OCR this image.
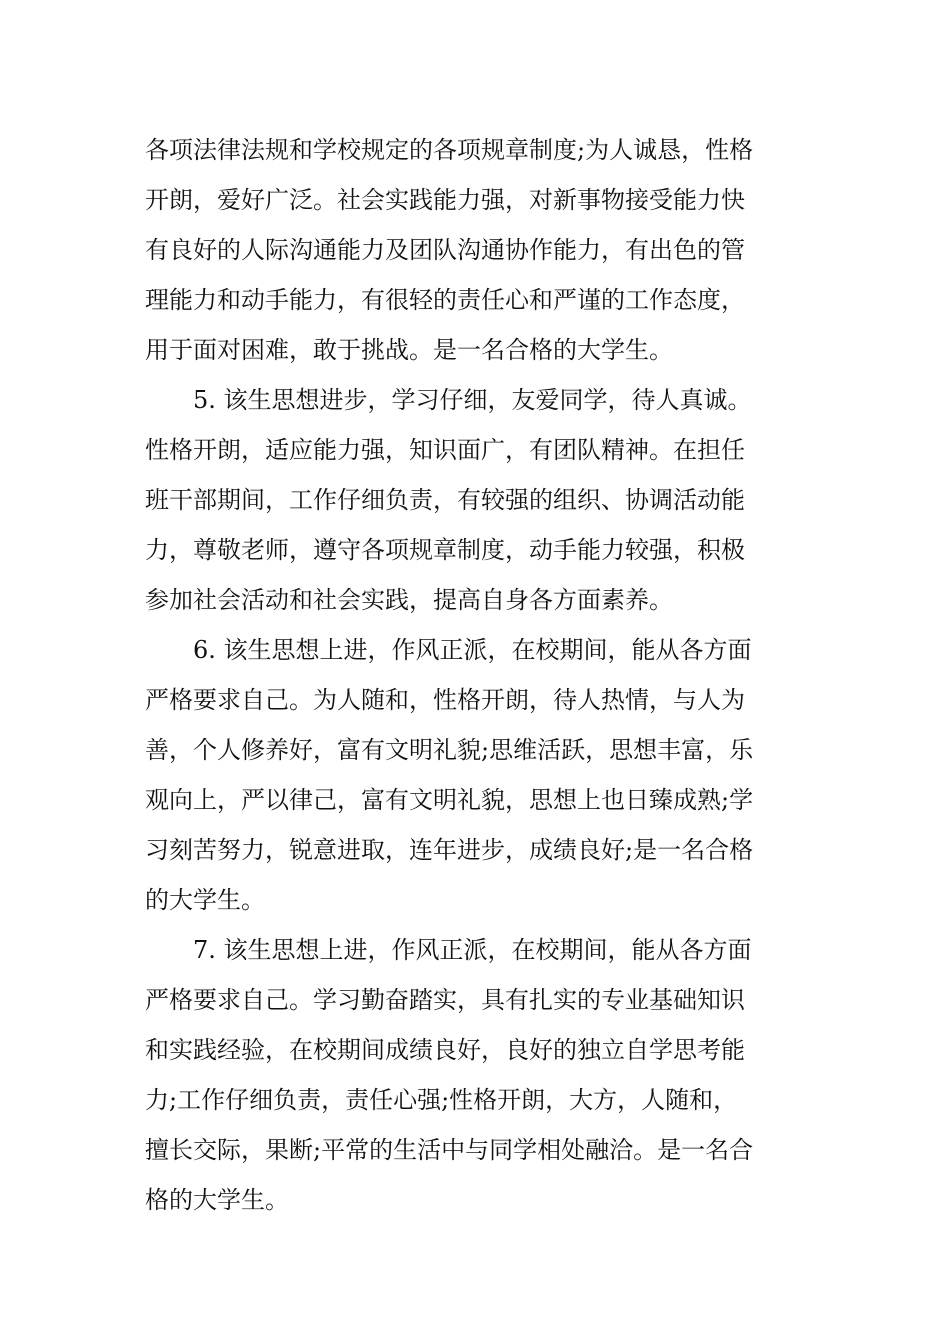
各项法律法规和学校规定的各项规章制度;为人诚恳，性格
开朗，爱好广泛。社会实践能力强，对新事物接受能力快
有良好的人际沟通能力及团队沟通协作能力，有出色的管
理能力和动手能力，有很轻的责任心和严谨的工作态度，
用于面对困难，敢于挑战。是一名合格的大学生。
5. 该生思想进步，学习仔细，友爱同学，待人真诚。
性格开朗，适应能力强，知识面广，有团队精神。在担任
班干部期间，工作仔细负责，有较强的组织、协调活动能
力，尊敬老师，遵守各项规章制度，动手能力较强，积极
参加社会活动和社会实践，提高自身各方面素养。
6. 该生思想上进，作风正派，在校期间，能从各方面
严格要求自己。为人随和，性格开朗，待人热情，与人为
善，个人修养好，富有文明礼貌;思维活跃，思想丰富，乐
观向上，严以律己，富有文明礼貌，思想上也日臻成熟;学
习刻苦努力，锐意进取，连年进步，成绩良好;是一名合格
的大学生。
7. 该生思想上进，作风正派，在校期间，能从各方面
严格要求自己。学习勤奋踏实，具有扎实的专业基础知识
和实践经验，在校期间成绩良好，良好的独立自学思考能
力;工作仔细负责，责任心强;性格开朗，大方，人随和，
擅长交际，果断;平常的生活中与同学相处融洽。是一名合
格的大学生。
